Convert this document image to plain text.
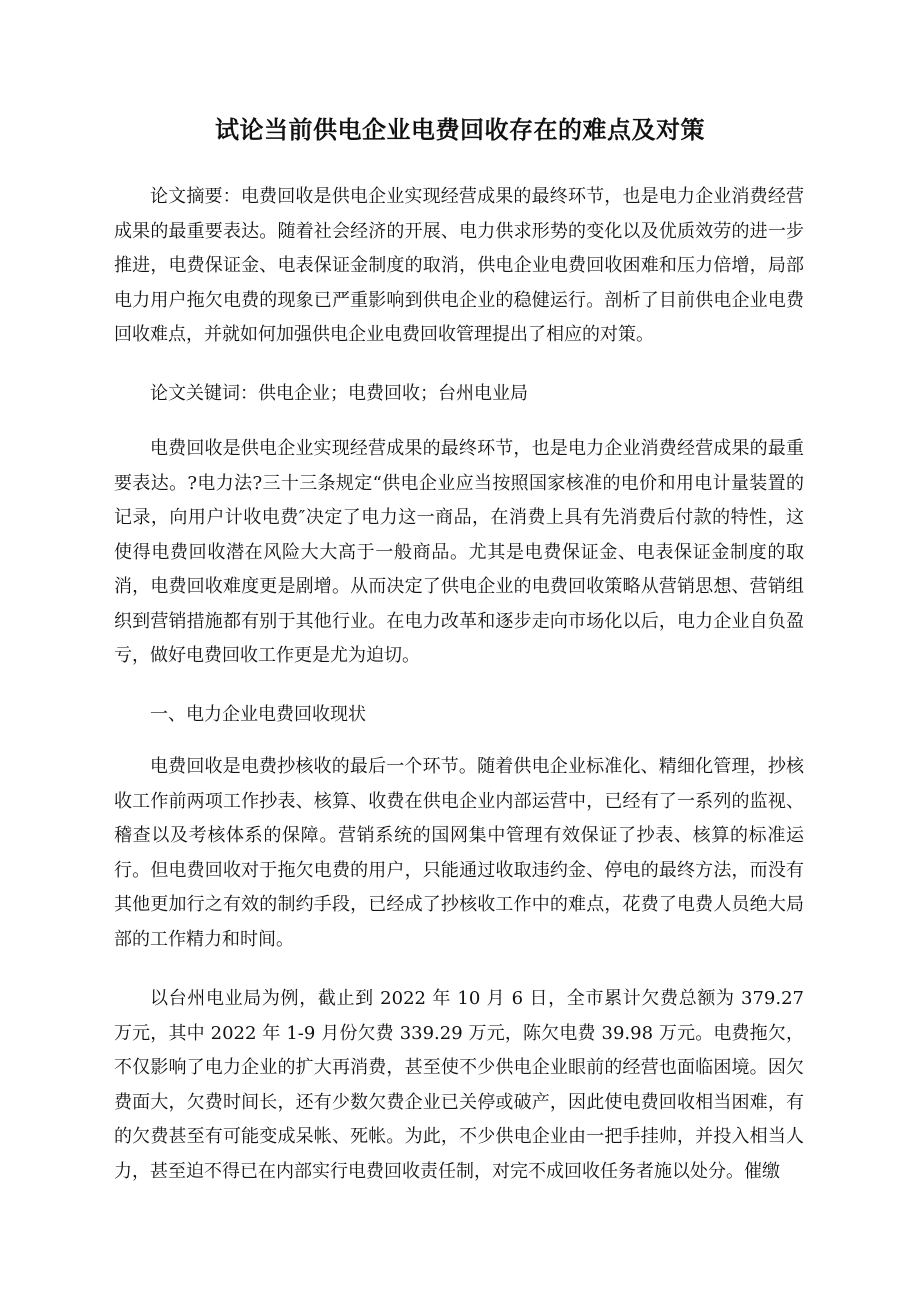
试论当前供电企业电费回收存在的难点及对策

论文摘要：电费回收是供电企业实现经营成果的最终环节，也是电力企业消费经营成果的最重要表达。随着社会经济的开展、电力供求形势的变化以及优质效劳的进一步推进，电费保证金、电表保证金制度的取消，供电企业电费回收困难和压力倍增，局部电力用户拖欠电费的现象已严重影响到供电企业的稳健运行。剖析了目前供电企业电费回收难点，并就如何加强供电企业电费回收管理提出了相应的对策。

论文关键词：供电企业；电费回收；台州电业局

电费回收是供电企业实现经营成果的最终环节，也是电力企业消费经营成果的最重要表达。?电力法?三十三条规定“供电企业应当按照国家核准的电价和用电计量装置的记录，向用户计收电费″决定了电力这一商品，在消费上具有先消费后付款的特性，这使得电费回收潜在风险大大高于一般商品。尤其是电费保证金、电表保证金制度的取消，电费回收难度更是剧增。从而决定了供电企业的电费回收策略从营销思想、营销组织到营销措施都有别于其他行业。在电力改革和逐步走向市场化以后，电力企业自负盈亏，做好电费回收工作更是尤为迫切。

一、电力企业电费回收现状

电费回收是电费抄核收的最后一个环节。随着供电企业标准化、精细化管理，抄核收工作前两项工作抄表、核算、收费在供电企业内部运营中，已经有了一系列的监视、稽查以及考核体系的保障。营销系统的国网集中管理有效保证了抄表、核算的标准运行。但电费回收对于拖欠电费的用户，只能通过收取违约金、停电的最终方法，而没有其他更加行之有效的制约手段，已经成了抄核收工作中的难点，花费了电费人员绝大局部的工作精力和时间。

以台州电业局为例，截止到 2022 年 10 月 6 日，全市累计欠费总额为 379.27 万元，其中 2022 年 1-9 月份欠费 339.29 万元，陈欠电费 39.98 万元。电费拖欠，不仅影响了电力企业的扩大再消费，甚至使不少供电企业眼前的经营也面临困境。因欠费面大，欠费时间长，还有少数欠费企业已关停或破产，因此使电费回收相当困难，有的欠费甚至有可能变成呆帐、死帐。为此，不少供电企业由一把手挂帅，并投入相当人力，甚至迫不得已在内部实行电费回收责任制，对完不成回收任务者施以处分。催缴
